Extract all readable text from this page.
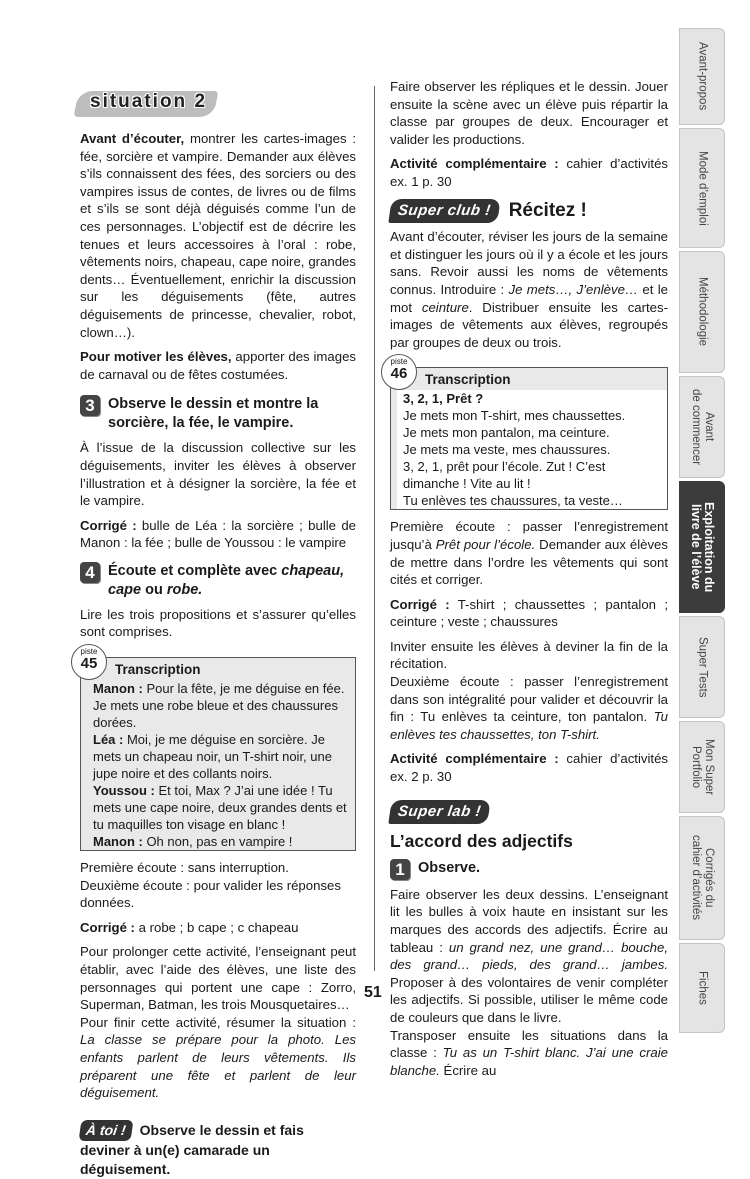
situation 2

Avant d’écouter, montrer les cartes-images : fée, sorcière et vampire. Demander aux élèves s’ils connaissent des fées, des sorciers ou des vampires issus de contes, de livres ou de films et s’ils se sont déjà déguisés comme l’un de ces personnages. L’objectif est de décrire les tenues et leurs accessoires à l’oral : robe, vêtements noirs, chapeau, cape noire, grandes dents… Éventuellement, enrichir la discussion sur les déguisements (fête, autres déguisements de princesse, chevalier, robot, clown…).

Pour motiver les élèves, apporter des images de carnaval ou de fêtes costumées.

3 Observe le dessin et montre la sorcière, la fée, le vampire.

À l’issue de la discussion collective sur les déguisements, inviter les élèves à observer l’illustration et à désigner la sorcière, la fée et le vampire.

Corrigé : bulle de Léa : la sorcière ; bulle de Manon : la fée ; bulle de Youssou : le vampire

4 Écoute et complète avec chapeau, cape ou robe.

Lire les trois propositions et s’assurer qu’elles sont comprises.

piste
45	Transcription
Manon : Pour la fête, je me déguise en fée. Je mets une robe bleue et des chaussures dorées.
Léa : Moi, je me déguise en sorcière. Je mets un chapeau noir, un T-shirt noir, une jupe noire et des collants noirs.
Youssou : Et toi, Max ? J’ai une idée ! Tu mets une cape noire, deux grandes dents et tu maquilles ton visage en blanc !
Manon : Oh non, pas en vampire !

Première écoute : sans interruption.
Deuxième écoute : pour valider les réponses données.

Corrigé : a robe ; b cape ; c chapeau

Pour prolonger cette activité, l’enseignant peut établir, avec l’aide des élèves, une liste des personnages qui portent une cape : Zorro, Superman, Batman, les trois Mousquetaires…

Pour finir cette activité, résumer la situation : La classe se prépare pour la photo. Les enfants parlent de leurs vêtements. Ils préparent une fête et parlent de leur déguisement.

À toi ! Observe le dessin et fais deviner à un(e) camarade un déguisement.

Faire observer les répliques et le dessin. Jouer ensuite la scène avec un élève puis répartir la classe par groupes de deux. Encourager et valider les productions.

Activité complémentaire : cahier d’activités ex. 1 p. 30

Super club ! Récitez !

Avant d’écouter, réviser les jours de la semaine et distinguer les jours où il y a école et les jours sans. Revoir aussi les noms de vêtements connus. Introduire : Je mets…, J’enlève… et le mot ceinture. Distribuer ensuite les cartes-images de vêtements aux élèves, regroupés par groupes de deux ou trois.

piste
46	Transcription
3, 2, 1, Prêt ?
Je mets mon T-shirt, mes chaussettes.
Je mets mon pantalon, ma ceinture.
Je mets ma veste, mes chaussures.
3, 2, 1, prêt pour l’école. Zut ! C’est dimanche ! Vite au lit !
Tu enlèves tes chaussures, ta veste…

Première écoute : passer l’enregistrement jusqu’à Prêt pour l’école. Demander aux élèves de mettre dans l’ordre les vêtements qui sont cités et corriger.

Corrigé : T-shirt ; chaussettes ; pantalon ; ceinture ; veste ; chaussures

Inviter ensuite les élèves à deviner la fin de la récitation.

Deuxième écoute : passer l’enregistrement dans son intégralité pour valider et découvrir la fin : Tu enlèves ta ceinture, ton pantalon. Tu enlèves tes chaussettes, ton T-shirt.

Activité complémentaire : cahier d’activités ex. 2 p. 30

Super lab !
L’accord des adjectifs
1 Observe.

Faire observer les deux dessins. L’enseignant lit les bulles à voix haute en insistant sur les marques des accords des adjectifs. Écrire au tableau : un grand nez, une grand… bouche, des grand… pieds, des grand… jambes. Proposer à des volontaires de venir compléter les adjectifs. Si possible, utiliser le même code de couleurs que dans le livre.

Transposer ensuite les situations dans la classe : Tu as un T-shirt blanc. J’ai une craie blanche. Écrire au

51
Avant-propos
Mode d’emploi
Méthodologie
Avant
de commencer
Exploitation du
livre de l’élève
Super Tests
Mon Super
Portfolio
Corrigés du
cahier d’activités
Fiches
